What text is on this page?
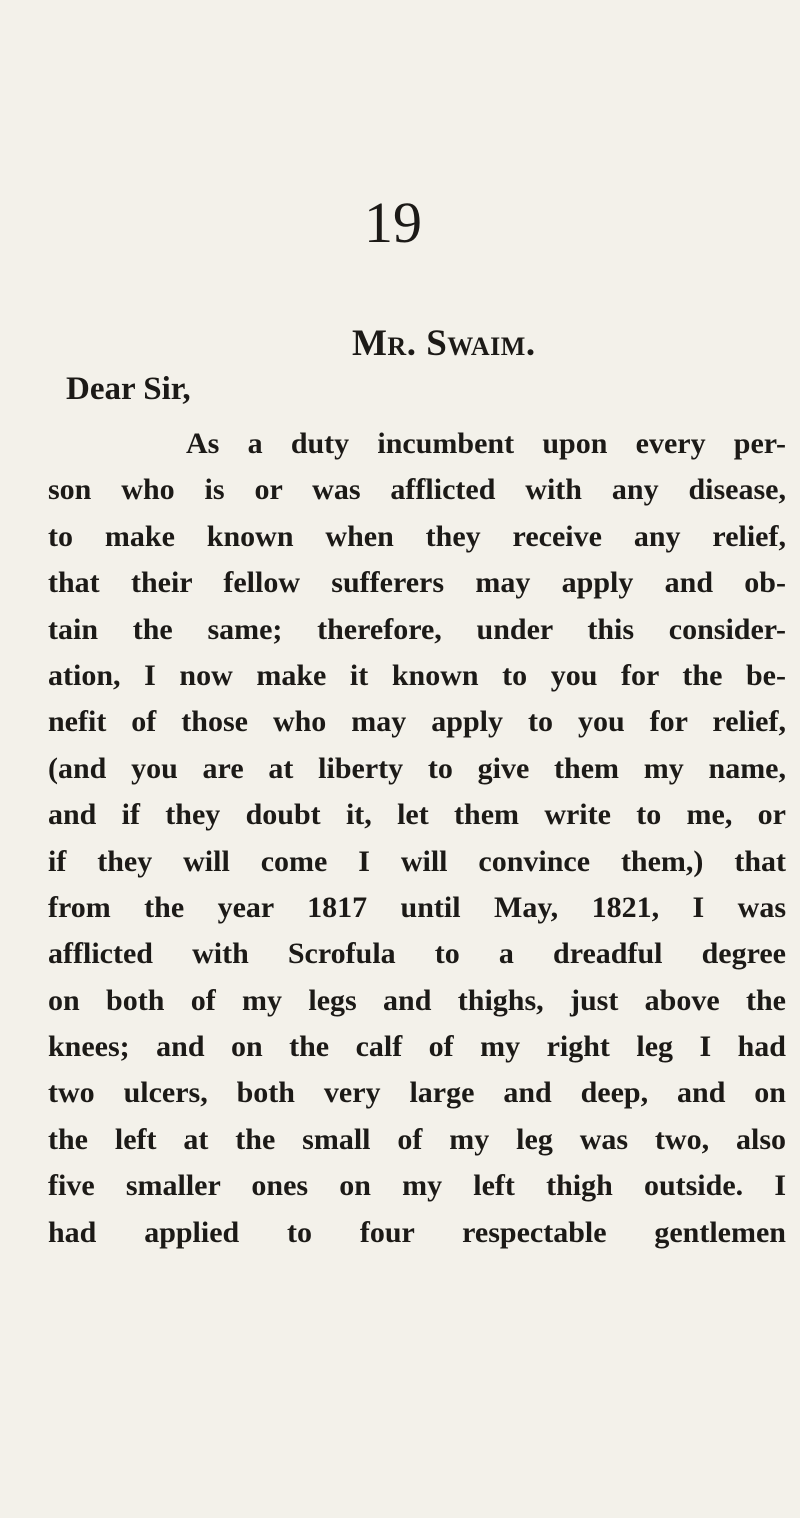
19
Mr. Swaim.
Dear Sir,
As a duty incumbent upon every per-
son who is or was afflicted with any disease,
to make known when they receive any relief,
that their fellow sufferers may apply and ob-
tain the same; therefore, under this consider-
ation, I now make it known to you for the be-
nefit of those who may apply to you for relief,
(and you are at liberty to give them my name,
and if they doubt it, let them write to me, or
if they will come I will convince them,) that
from the year 1817 until May, 1821, I was
afflicted with Scrofula to a dreadful degree
on both of my legs and thighs, just above the
knees; and on the calf of my right leg I had
two ulcers, both very large and deep, and on
the left at the small of my leg was two, also
five smaller ones on my left thigh outside. I
had applied to four respectable gentlemen
